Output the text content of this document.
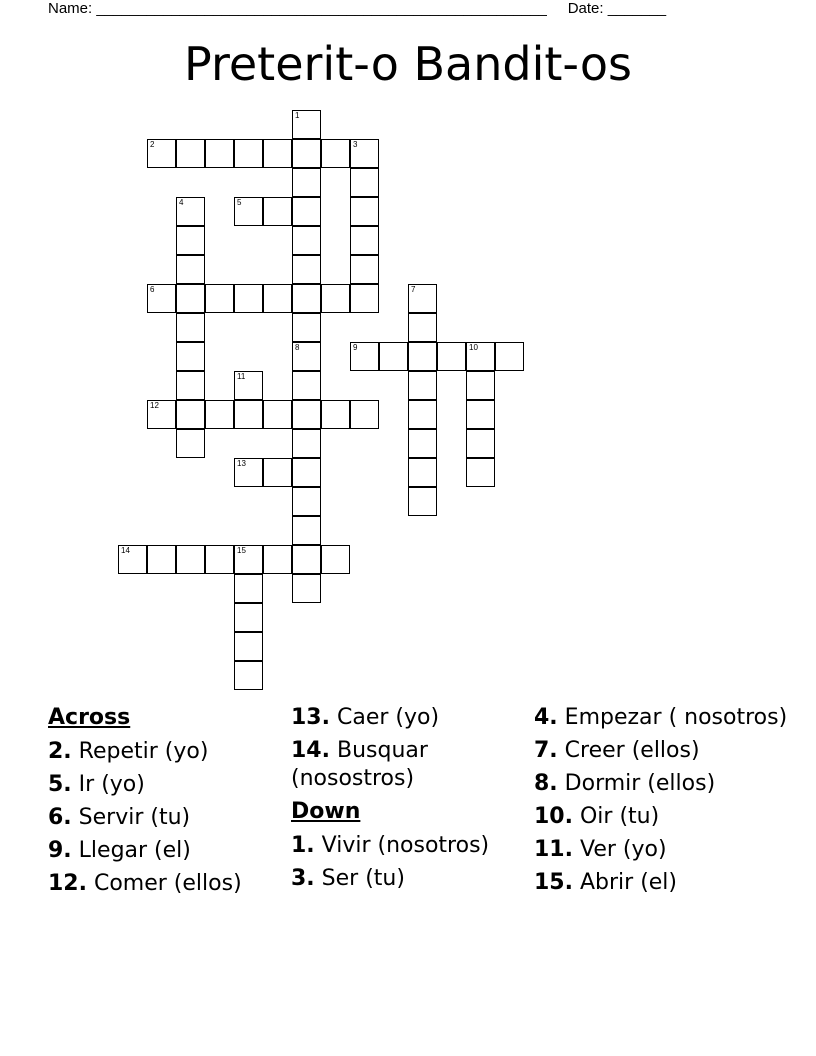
Name: ______________________________________________________ Date: _______
Preterit-o Bandit-os
1
2	3
4	5
6	7
8	9	10
11
12
13
14	15
Across
2. Repetir (yo)
5. Ir (yo)
6. Servir (tu)
9. Llegar (el)
12. Comer (ellos)
13. Caer (yo)
14. Busquar (nosostros)
Down
1. Vivir (nosotros)
3. Ser (tu)
4. Empezar ( nosotros)
7. Creer (ellos)
8. Dormir (ellos)
10. Oir (tu)
11. Ver (yo)
15. Abrir (el)
